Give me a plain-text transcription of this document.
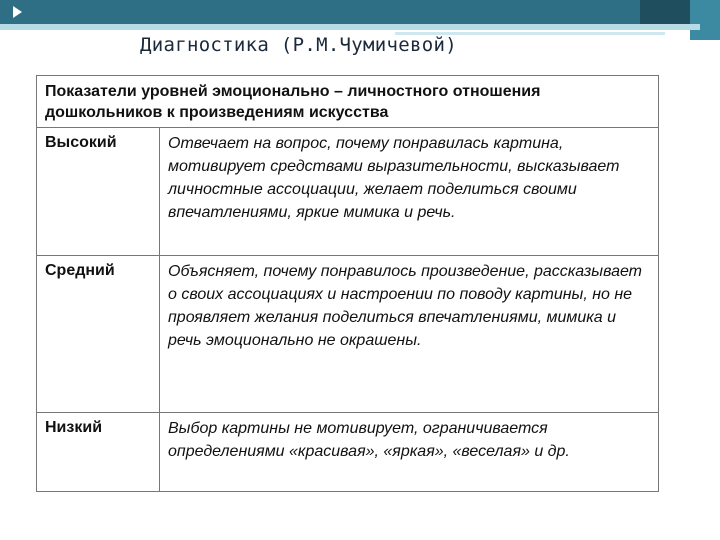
Диагностика (Р.М.Чумичевой)
Показатели уровней эмоционально – личностного отношения дошкольников к произведениям искусства	
Высокий	Отвечает на вопрос, почему понравилась картина, мотивирует средствами выразительности, высказывает личностные ассоциации, желает поделиться своими впечатлениями, яркие мимика и речь.
Средний	Объясняет, почему понравилось произведение, рассказывает о своих ассоциациях и настроении по поводу картины, но не проявляет желания поделиться впечатлениями, мимика и речь эмоционально не окрашены.
Низкий	Выбор картины не мотивирует, ограничивается определениями «красивая», «яркая», «веселая» и др.
